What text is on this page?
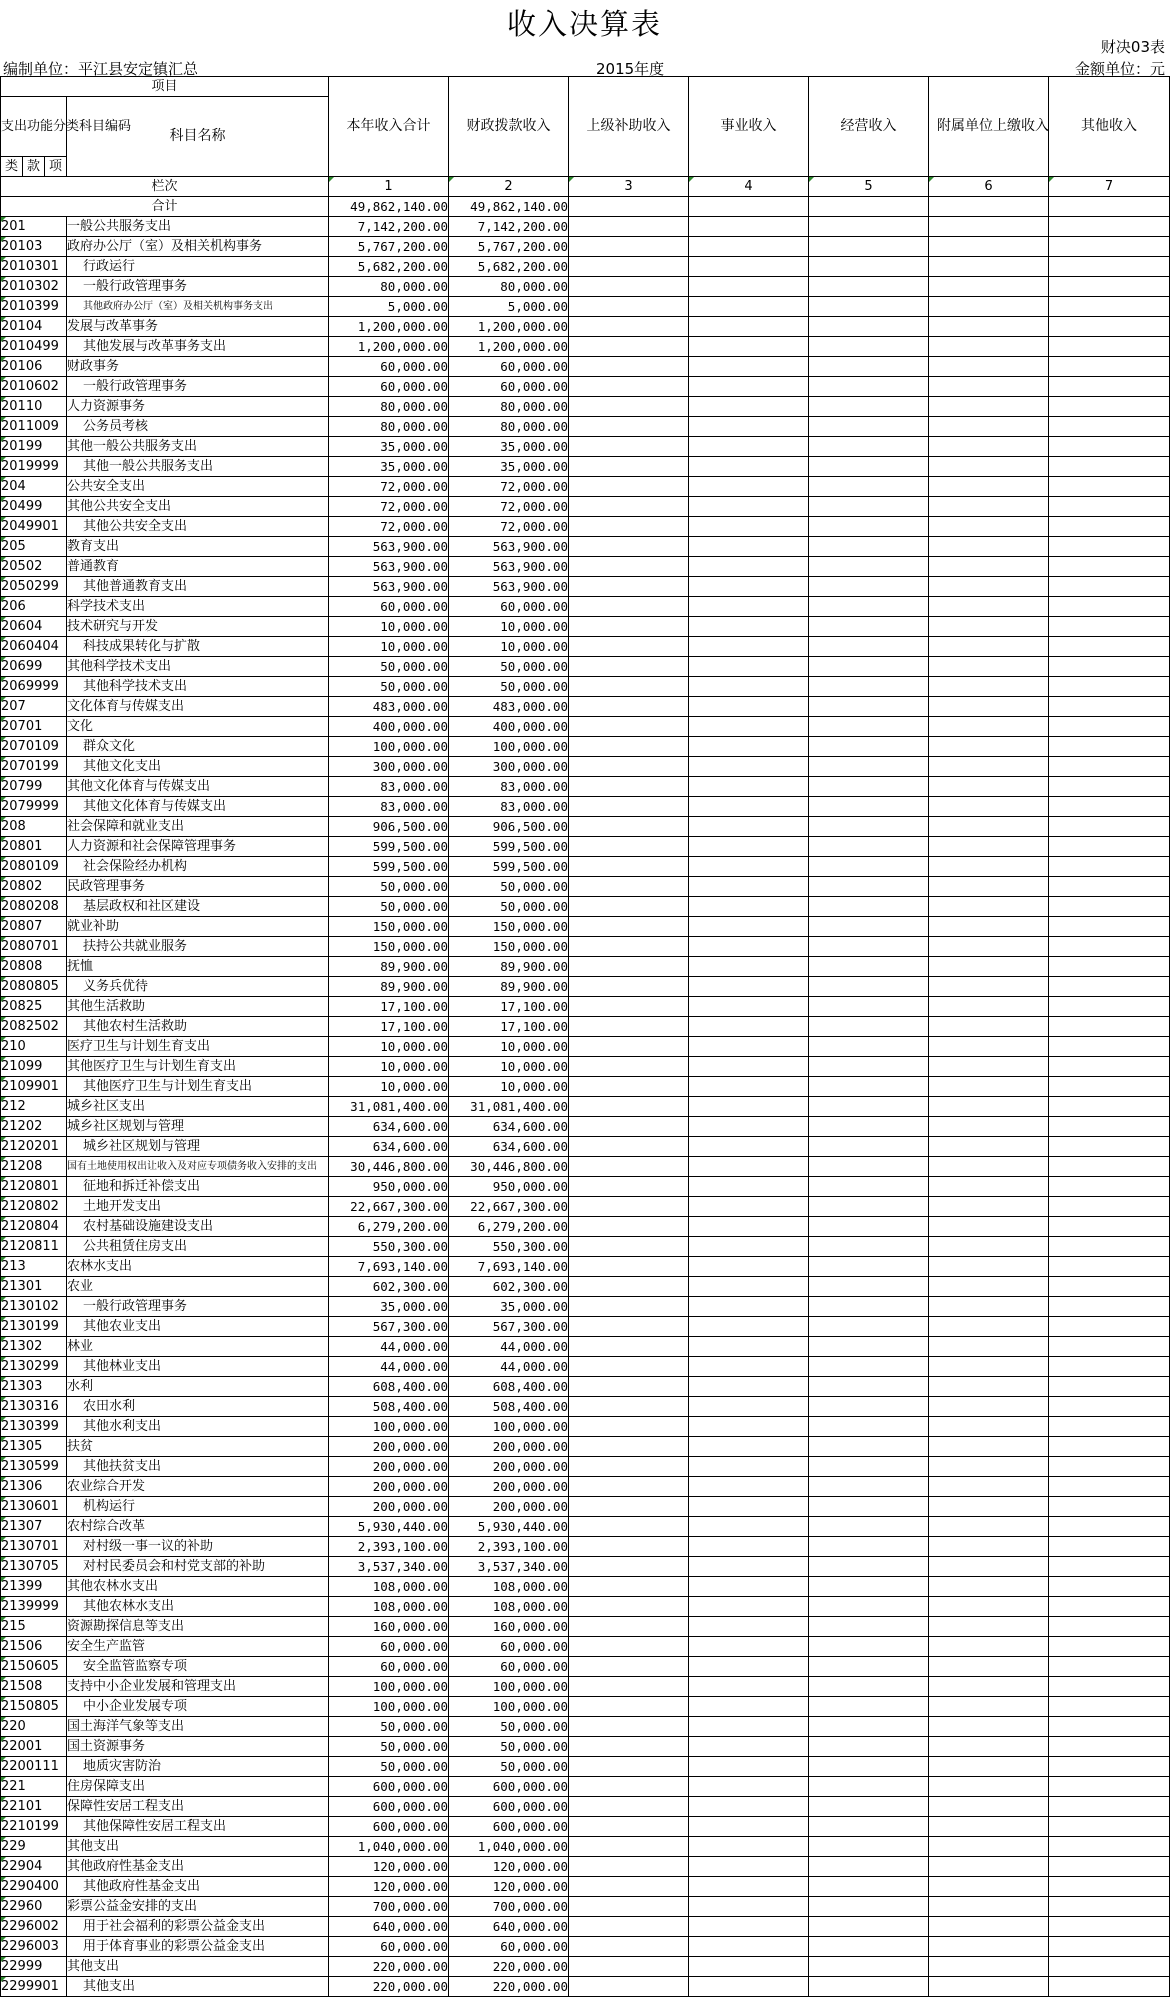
收入决算表
财决03表
编制单位：平江县安定镇汇总	2015年度	金额单位：元
项目				本年收入合计	财政拨款收入	上级补助收入	事业收入	经营收入	附属单位上缴收入	其他收入
支出功能分类科目编码			科目名称							
类	款	项								
栏次				1	2	3	4	5	6	7
合计				49,862,140.00	49,862,140.00					

201			一般公共服务支出	7,142,200.00	7,142,200.00					

20103			政府办公厅（室）及相关机构事务	5,767,200.00	5,767,200.00					

2010301			行政运行	5,682,200.00	5,682,200.00					

2010302			一般行政管理事务	80,000.00	80,000.00					

2010399			其他政府办公厅（室）及相关机构事务支出	5,000.00	5,000.00					

20104			发展与改革事务	1,200,000.00	1,200,000.00					

2010499			其他发展与改革事务支出	1,200,000.00	1,200,000.00					

20106			财政事务	60,000.00	60,000.00					

2010602			一般行政管理事务	60,000.00	60,000.00					

20110			人力资源事务	80,000.00	80,000.00					

2011009			公务员考核	80,000.00	80,000.00					

20199			其他一般公共服务支出	35,000.00	35,000.00					

2019999			其他一般公共服务支出	35,000.00	35,000.00					

204			公共安全支出	72,000.00	72,000.00					

20499			其他公共安全支出	72,000.00	72,000.00					

2049901			其他公共安全支出	72,000.00	72,000.00					

205			教育支出	563,900.00	563,900.00					

20502			普通教育	563,900.00	563,900.00					

2050299			其他普通教育支出	563,900.00	563,900.00					

206			科学技术支出	60,000.00	60,000.00					

20604			技术研究与开发	10,000.00	10,000.00					

2060404			科技成果转化与扩散	10,000.00	10,000.00					

20699			其他科学技术支出	50,000.00	50,000.00					

2069999			其他科学技术支出	50,000.00	50,000.00					

207			文化体育与传媒支出	483,000.00	483,000.00					

20701			文化	400,000.00	400,000.00					

2070109			群众文化	100,000.00	100,000.00					

2070199			其他文化支出	300,000.00	300,000.00					

20799			其他文化体育与传媒支出	83,000.00	83,000.00					

2079999			其他文化体育与传媒支出	83,000.00	83,000.00					

208			社会保障和就业支出	906,500.00	906,500.00					

20801			人力资源和社会保障管理事务	599,500.00	599,500.00					

2080109			社会保险经办机构	599,500.00	599,500.00					

20802			民政管理事务	50,000.00	50,000.00					

2080208			基层政权和社区建设	50,000.00	50,000.00					

20807			就业补助	150,000.00	150,000.00					

2080701			扶持公共就业服务	150,000.00	150,000.00					

20808			抚恤	89,900.00	89,900.00					

2080805			义务兵优待	89,900.00	89,900.00					

20825			其他生活救助	17,100.00	17,100.00					

2082502			其他农村生活救助	17,100.00	17,100.00					

210			医疗卫生与计划生育支出	10,000.00	10,000.00					

21099			其他医疗卫生与计划生育支出	10,000.00	10,000.00					

2109901			其他医疗卫生与计划生育支出	10,000.00	10,000.00					

212			城乡社区支出	31,081,400.00	31,081,400.00					

21202			城乡社区规划与管理	634,600.00	634,600.00					

2120201			城乡社区规划与管理	634,600.00	634,600.00					

21208			国有土地使用权出让收入及对应专项债务收入安排的支出	30,446,800.00	30,446,800.00					

2120801			征地和拆迁补偿支出	950,000.00	950,000.00					

2120802			土地开发支出	22,667,300.00	22,667,300.00					

2120804			农村基础设施建设支出	6,279,200.00	6,279,200.00					

2120811			公共租赁住房支出	550,300.00	550,300.00					

213			农林水支出	7,693,140.00	7,693,140.00					

21301			农业	602,300.00	602,300.00					

2130102			一般行政管理事务	35,000.00	35,000.00					

2130199			其他农业支出	567,300.00	567,300.00					

21302			林业	44,000.00	44,000.00					

2130299			其他林业支出	44,000.00	44,000.00					

21303			水利	608,400.00	608,400.00					

2130316			农田水利	508,400.00	508,400.00					

2130399			其他水利支出	100,000.00	100,000.00					

21305			扶贫	200,000.00	200,000.00					

2130599			其他扶贫支出	200,000.00	200,000.00					

21306			农业综合开发	200,000.00	200,000.00					

2130601			机构运行	200,000.00	200,000.00					

21307			农村综合改革	5,930,440.00	5,930,440.00					

2130701			对村级一事一议的补助	2,393,100.00	2,393,100.00					

2130705			对村民委员会和村党支部的补助	3,537,340.00	3,537,340.00					

21399			其他农林水支出	108,000.00	108,000.00					

2139999			其他农林水支出	108,000.00	108,000.00					

215			资源勘探信息等支出	160,000.00	160,000.00					

21506			安全生产监管	60,000.00	60,000.00					

2150605			安全监管监察专项	60,000.00	60,000.00					

21508			支持中小企业发展和管理支出	100,000.00	100,000.00					

2150805			中小企业发展专项	100,000.00	100,000.00					

220			国土海洋气象等支出	50,000.00	50,000.00					

22001			国土资源事务	50,000.00	50,000.00					

2200111			地质灾害防治	50,000.00	50,000.00					

221			住房保障支出	600,000.00	600,000.00					

22101			保障性安居工程支出	600,000.00	600,000.00					

2210199			其他保障性安居工程支出	600,000.00	600,000.00					

229			其他支出	1,040,000.00	1,040,000.00					

22904			其他政府性基金支出	120,000.00	120,000.00					

2290400			其他政府性基金支出	120,000.00	120,000.00					

22960			彩票公益金安排的支出	700,000.00	700,000.00					

2296002			用于社会福利的彩票公益金支出	640,000.00	640,000.00					

2296003			用于体育事业的彩票公益金支出	60,000.00	60,000.00					

22999			其他支出	220,000.00	220,000.00					

2299901			其他支出	220,000.00	220,000.00					
